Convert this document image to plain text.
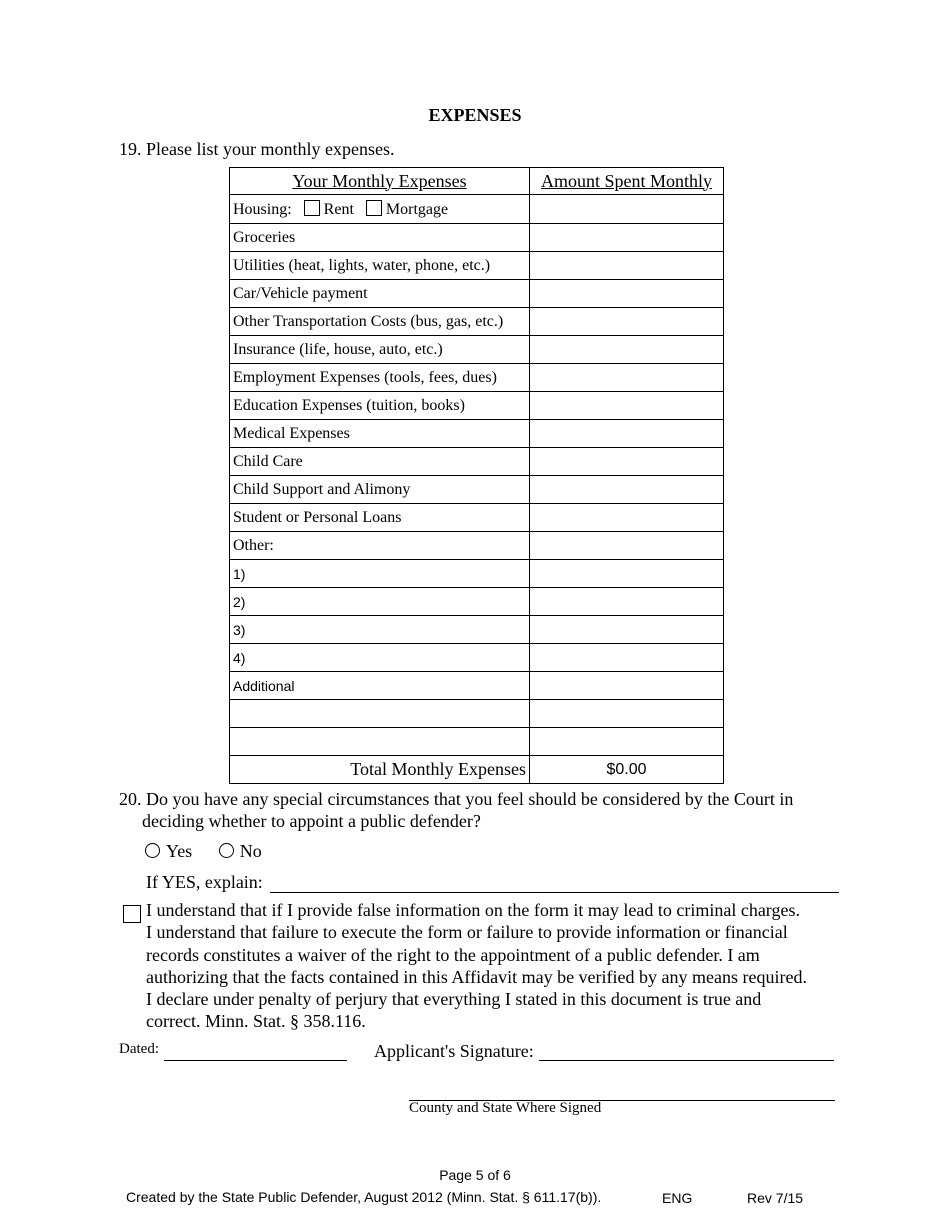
EXPENSES
19. Please list your monthly expenses.
Your Monthly Expenses	Amount Spent Monthly
Housing: Rent Mortgage	
Groceries	
Utilities (heat, lights, water, phone, etc.)	
Car/Vehicle payment	
Other Transportation Costs (bus, gas, etc.)	
Insurance (life, house, auto, etc.)	
Employment Expenses (tools, fees, dues)	
Education Expenses (tuition, books)	
Medical Expenses	
Child Care	
Child Support and Alimony	
Student or Personal Loans	
Other:	
1)	
2)	
3)	
4)	
Additional	

Total Monthly Expenses	$0.00
20. Do you have any special circumstances that you feel should be considered by the Court in
deciding whether to appoint a public defender?
Yes	No
If YES, explain:
I understand that if I provide false information on the form it may lead to criminal charges.
I understand that failure to execute the form or failure to provide information or financial
records constitutes a waiver of the right to the appointment of a public defender. I am
authorizing that the facts contained in this Affidavit may be verified by any means required.
I declare under penalty of perjury that everything I stated in this document is true and
correct. Minn. Stat. § 358.116.
Dated:	Applicant's Signature:
County and State Where Signed
Page 5 of 6
Created by the State Public Defender, August 2012 (Minn. Stat. § 611.17(b)).	ENG	Rev 7/15
